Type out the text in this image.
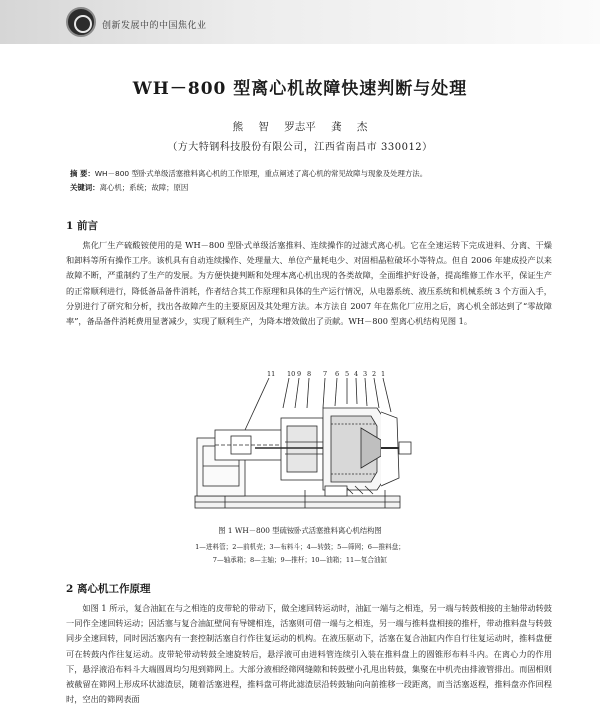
创新发展中的中国焦化业
WH－800 型离心机故障快速判断与处理
熊 智 罗志平 龚 杰
（方大特钢科技股份有限公司，江西省南昌市 330012）
摘 要：WH－800 型卧式单级活塞推料离心机的工作原理，重点阐述了离心机的常见故障与现象及处理方法。
关键词：离心机；系统；故障；原因
1 前言

焦化厂生产硫酸铵使用的是 WH－800 型卧式单级活塞推料、连续操作的过滤式离心机。它在全速运转下完成进料、分离、干燥和卸料等所有操作工序。该机具有自动连续操作、处理量大、单位产量耗电少、对固相晶粒破坏小等特点。但自 2006 年建成投产以来故障不断，严重制约了生产的发展。为方便快捷判断和处理本离心机出现的各类故障，全面维护好设备，提高维修工作水平，保证生产的正常顺利进行，降低备品备件消耗，作者结合其工作原理和具体的生产运行情况，从电器系统、液压系统和机械系统 3 个方面入手，分别进行了研究和分析，找出各故障产生的主要原因及其处理方法。本方法自 2007 年在焦化厂应用之后，离心机全部达到了“零故障率”，备品备件消耗费用显著减少，实现了顺利生产，为降本增效做出了贡献。WH－800 型离心机结构见图 1。

11 10 9 8 7 6 5 4 3 2 1
图 1 WH－800 型硫铵卧式活塞推料离心机结构图
1—进料管；2—前机壳；3—布料斗；4—转鼓；5—筛网；6—推料盘；
7—轴承箱；8—主轴；9—推杆；10—油箱；11—复合油缸
2 离心机工作原理

如图 1 所示，复合油缸在与之相连的皮带轮的带动下，做全速回转运动时，油缸一端与之相连，另一端与转鼓相接的主轴带动转鼓一同作全速回转运动；因活塞与复合油缸壁间有导键相连，活塞则可借一端与之相连，另一端与推料盘相接的推杆，带动推料盘与转鼓同步全速回转，同时因活塞内有一套控制活塞自行作往复运动的机构。在液压驱动下，活塞在复合油缸内作自行往复运动时，推料盘便可在转鼓内作往复运动。皮带轮带动转鼓全速旋转后，悬浮液可由进料管连续引入装在推料盘上的圆锥形布料斗内。在离心力的作用下，悬浮液沿布料斗大端圆周均匀甩到筛网上。大部分液相经筛网缝隙和转鼓壁小孔甩出转鼓，集聚在中机壳由排液管排出。而固相则被截留在筛网上形成环状滤渣层，随着活塞进程，推料盘可将此滤渣层沿转鼓轴向向前推移一段距离，而当活塞返程，推料盘亦作回程时，空出的筛网表面
